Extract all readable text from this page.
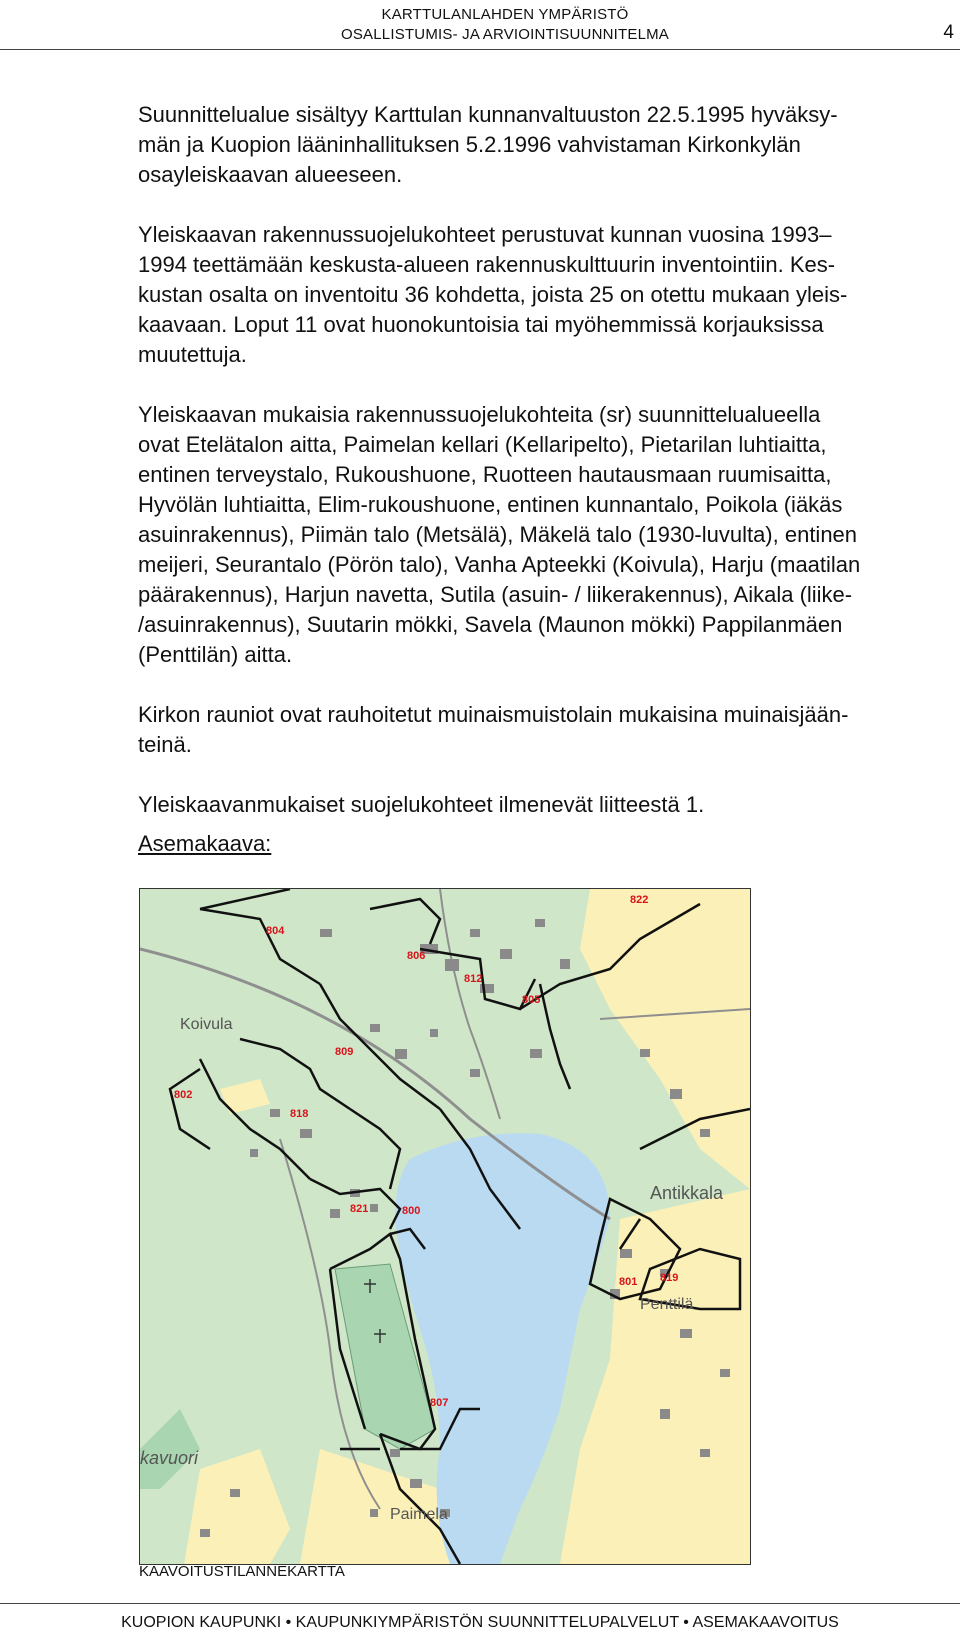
KARTTULANLAHDEN YMPÄRISTÖ
OSALLISTUMIS- JA ARVIOINTISUUNNITELMA	4

Suunnittelualue sisältyy Karttulan kunnanvaltuuston 22.5.1995 hyväksy-
män ja Kuopion lääninhallituksen 5.2.1996 vahvistaman Kirkonkylän
osayleiskaavan alueeseen.

Yleiskaavan rakennussuojelukohteet perustuvat kunnan vuosina 1993–
1994 teettämään keskusta-alueen rakennuskulttuurin inventointiin. Kes-
kustan osalta on inventoitu 36 kohdetta, joista 25 on otettu mukaan yleis-
kaavaan. Loput 11 ovat huonokuntoisia tai myöhemmissä korjauksissa
muutettuja.

Yleiskaavan mukaisia rakennussuojelukohteita (sr) suunnittelualueella
ovat Etelätalon aitta, Paimelan kellari (Kellaripelto), Pietarilan luhtiaitta,
entinen terveystalo, Rukoushuone, Ruotteen hautausmaan ruumisaitta,
Hyvölän luhtiaitta, Elim-rukoushuone, entinen kunnantalo, Poikola (iäkäs
asuinrakennus), Piimän talo (Metsälä), Mäkelä talo (1930-luvulta), entinen
meijeri, Seurantalo (Pörön talo), Vanha Apteekki (Koivula), Harju (maatilan
päärakennus), Harjun navetta, Sutila (asuin- / liikerakennus), Aikala (liike-
/asuinrakennus), Suutarin mökki, Savela (Maunon mökki) Pappilanmäen
(Penttilän) aitta.

Kirkon rauniot ovat rauhoitetut muinaismuistolain mukaisina muinaisjään-
teinä.

Yleiskaavanmukaiset suojelukohteet ilmenevät liitteestä 1.

Asemakaava:
Koivula
Antikkala
Penttilä
kavuori
Paimela
822
804
806
812
805
809
802
818
821	800
801 819
807
KAAVOITUSTILANNEKARTTA
KUOPION KAUPUNKI • KAUPUNKIYMPÄRISTÖN SUUNNITTELUPALVELUT • ASEMAKAAVOITUS
